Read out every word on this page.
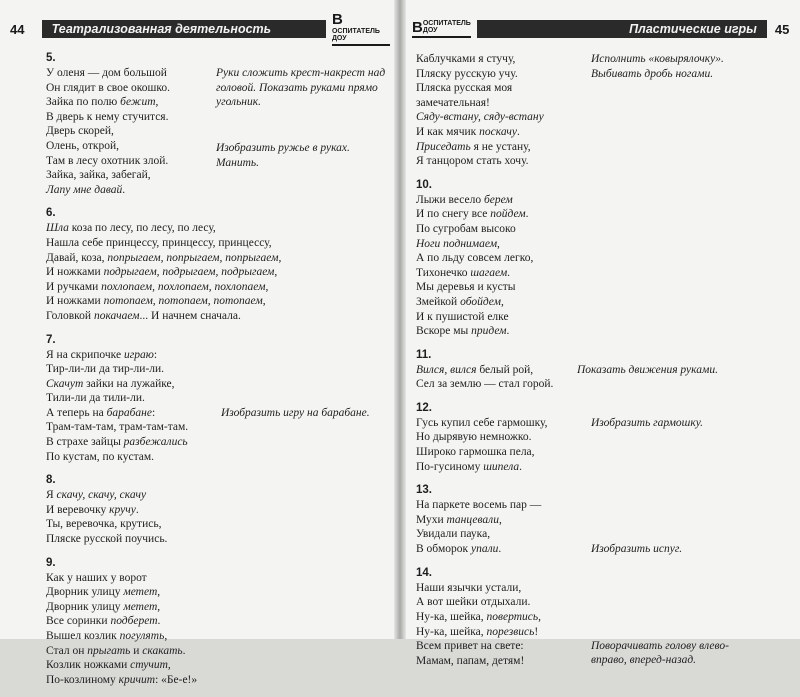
44	Театрализованная деятельность
ВОСПИТАТЕЛЬ
ДОУ
5.
У оленя — дом большой
Он глядит в свое окошко.
Зайка по полю бежит,
В дверь к нему стучится.
Дверь скорей,
Олень, открой,
Там в лесу охотник злой.
Зайка, зайка, забегай,
Лапу мне давай.
Руки сложить крест-накрест над головой. Показать руками прямо угольник.
Изобразить ружье в руках. Манить.
6.
Шла коза по лесу, по лесу, по лесу,
Нашла себе принцессу, принцессу, принцессу,
Давай, коза, попрыгаем, попрыгаем, попрыгаем,
И ножками подрыгаем, подрыгаем, подрыгаем,
И ручками похлопаем, похлопаем, похлопаем,
И ножками потопаем, потопаем, потопаем,
Головкой покачаем... И начнем сначала.
7.
Я на скрипочке играю:
Тир-ли-ли да тир-ли-ли.
Скачут зайки на лужайке,
Тили-ли да тили-ли.
А теперь на барабане:
Трам-там-там, трам-там-там.
В страхе зайцы разбежались
По кустам, по кустам.
Изобразить игру на барабане.
8.
Я скачу, скачу, скачу
И веревочку кручу.
Ты, веревочка, крутись,
Пляске русской поучись.
9.
Как у наших у ворот
Дворник улицу метет,
Дворник улицу метет,
Все соринки подберет.
Вышел козлик погулять,
Стал он прыгать и скакать.
Козлик ножками стучит,
По-козлиному кричит: «Бе-е!»
ВОСПИТАТЕЛЬ
ДОУ	Пластические игры	45
Каблучками я стучу,
Пляску русскую учу.
Пляска русская моя
замечательная!
Сяду-встану, сяду-встану
И как мячик поскачу.
Приседать я не устану,
Я танцором стать хочу.
Исполнить «ковырялочку». Выбивать дробь ногами.
10.
Лыжи весело берем
И по снегу все пойдем.
По сугробам высоко
Ноги поднимаем,
А по льду совсем легко,
Тихонечко шагаем.
Мы деревья и кусты
Змейкой обойдем,
И к пушистой елке
Вскоре мы придем.
11.
Вился, вился белый рой,
Сел за землю — стал горой.
Показать движения руками.
12.
Гусь купил себе гармошку,
Но дырявую немножко.
Широко гармошка пела,
По-гусиному шипела.
Изобразить гармошку.
13.
На паркете восемь пар —
Мухи танцевали,
Увидали паука,
В обморок упали.	Изобразить испуг.
14.
Наши язычки устали,
А вот шейки отдыхали.
Ну-ка, шейка, повертись,
Ну-ка, шейка, порезвись!
Всем привет на свете:
Мамам, папам, детям!
Поворачивать голову влево-вправо, вперед-назад.
